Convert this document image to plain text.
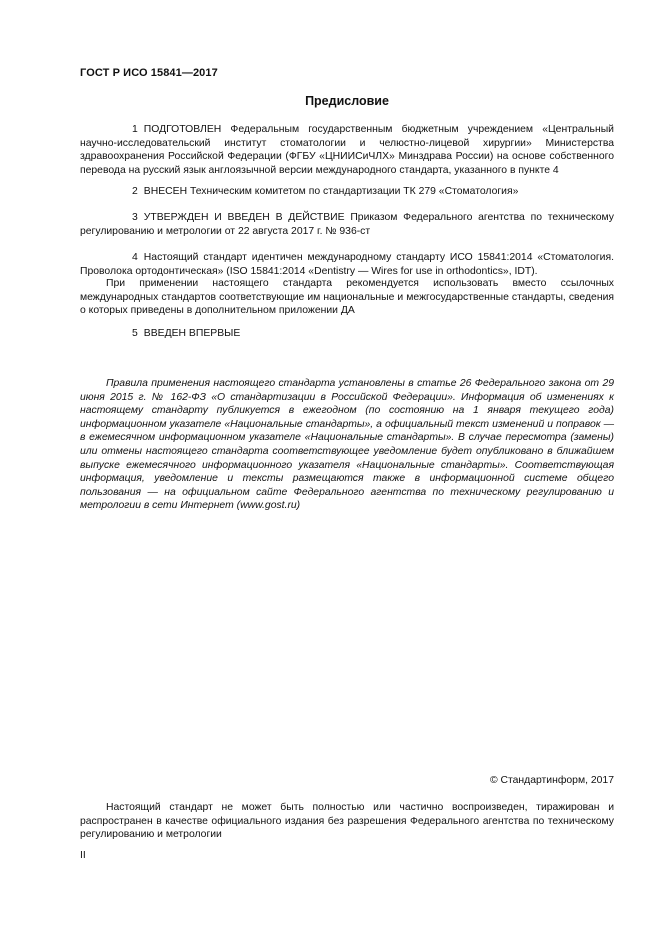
ГОСТ Р ИСО 15841—2017
Предисловие

1 ПОДГОТОВЛЕН Федеральным государственным бюджетным учреждением «Центральный научно-исследовательский институт стоматологии и челюстно-лицевой хирургии» Министерства здравоохранения Российской Федерации (ФГБУ «ЦНИИСиЧЛХ» Минздрава России) на основе собственного перевода на русский язык англоязычной версии международного стандарта, указанного в пункте 4

2 ВНЕСЕН Техническим комитетом по стандартизации ТК 279 «Стоматология»

3 УТВЕРЖДЕН И ВВЕДЕН В ДЕЙСТВИЕ Приказом Федерального агентства по техническому регулированию и метрологии от 22 августа 2017 г. № 936-ст

4 Настоящий стандарт идентичен международному стандарту ИСО 15841:2014 «Стоматология. Проволока ортодонтическая» (ISO 15841:2014 «Dentistry — Wires for use in orthodontics», IDT).

При применении настоящего стандарта рекомендуется использовать вместо ссылочных международных стандартов соответствующие им национальные и межгосударственные стандарты, сведения о которых приведены в дополнительном приложении ДА

5 ВВЕДЕН ВПЕРВЫЕ

Правила применения настоящего стандарта установлены в статье 26 Федерального закона от 29 июня 2015 г. № 162-ФЗ «О стандартизации в Российской Федерации». Информация об изменениях к настоящему стандарту публикуется в ежегодном (по состоянию на 1 января текущего года) информационном указателе «Национальные стандарты», а официальный текст изменений и поправок — в ежемесячном информационном указателе «Национальные стандарты». В случае пересмотра (замены) или отмены настоящего стандарта соответствующее уведомление будет опубликовано в ближайшем выпуске ежемесячного информационного указателя «Национальные стандарты». Соответствующая информация, уведомление и тексты размещаются также в информационной системе общего пользования — на официальном сайте Федерального агентства по техническому регулированию и метрологии в сети Интернет (www.gost.ru)

© Стандартинформ, 2017

Настоящий стандарт не может быть полностью или частично воспроизведен, тиражирован и распространен в качестве официального издания без разрешения Федерального агентства по техническому регулированию и метрологии

II
